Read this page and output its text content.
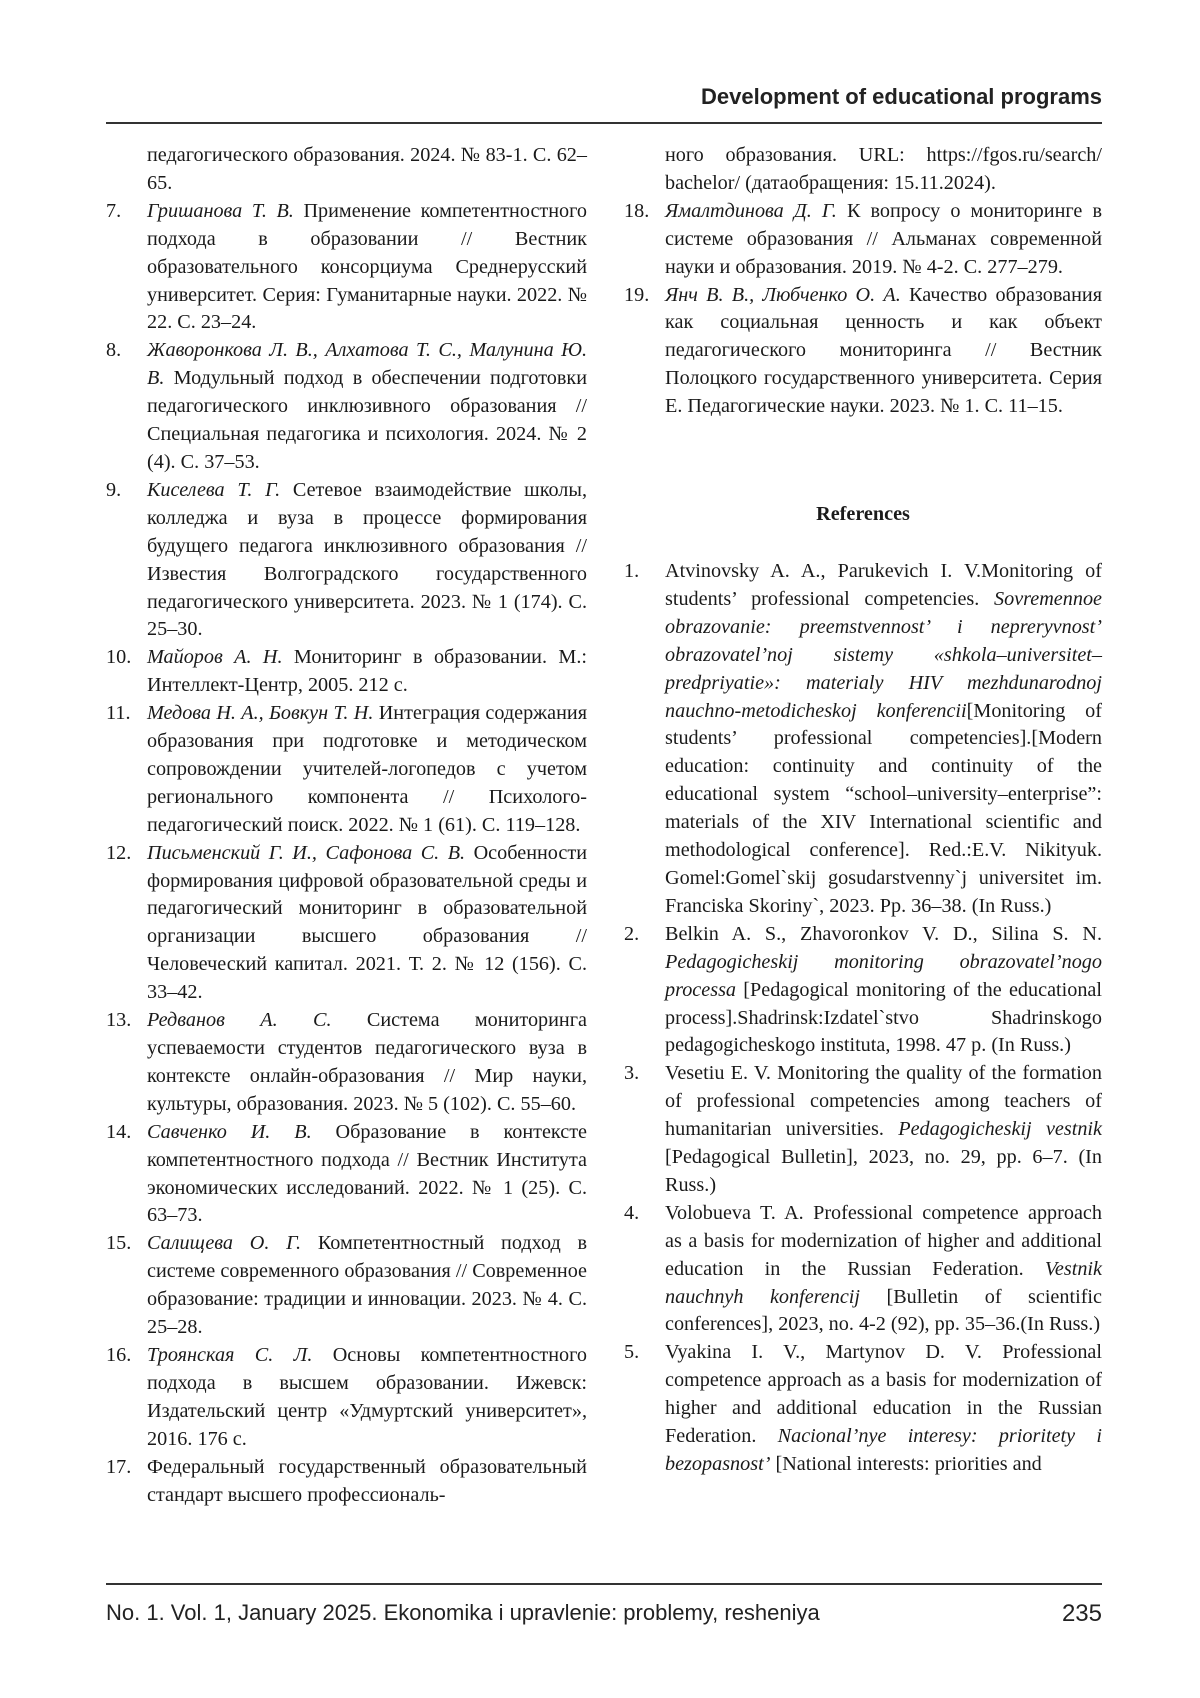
Development of educational programs
педагогического образования. 2024. № 83-1. С. 62–65.
7. Гришанова Т. В. Применение компетентностного подхода в образовании // Вестник образовательного консорциума Среднерусский университет. Серия: Гуманитарные науки. 2022. № 22. С. 23–24.
8. Жаворонкова Л. В., Алхатова Т. С., Малунина Ю. В. Модульный подход в обеспечении подготовки педагогического инклюзивного образования // Специальная педагогика и психология. 2024. № 2 (4). С. 37–53.
9. Киселева Т. Г. Сетевое взаимодействие школы, колледжа и вуза в процессе формирования будущего педагога инклюзивного образования // Известия Волгоградского государственного педагогического университета. 2023. № 1 (174). С. 25–30.
10. Майоров А. Н. Мониторинг в образовании. М.: Интеллект-Центр, 2005. 212 с.
11. Медова Н. А., Бовкун Т. Н. Интеграция содержания образования при подготовке и методическом сопровождении учителей-логопедов с учетом регионального компонента // Психолого-педагогический поиск. 2022. № 1 (61). С. 119–128.
12. Письменский Г. И., Сафонова С. В. Особенности формирования цифровой образовательной среды и педагогический мониторинг в образовательной организации высшего образования // Человеческий капитал. 2021. Т. 2. № 12 (156). С. 33–42.
13. Редванов А. С. Система мониторинга успеваемости студентов педагогического вуза в контексте онлайн-образования // Мир науки, культуры, образования. 2023. № 5 (102). С. 55–60.
14. Савченко И. В. Образование в контексте компетентностного подхода // Вестник Института экономических исследований. 2022. № 1 (25). С. 63–73.
15. Салищева О. Г. Компетентностный подход в системе современного образования // Современное образование: традиции и инновации. 2023. № 4. С. 25–28.
16. Троянская С. Л. Основы компетентностного подхода в высшем образовании. Ижевск: Издательский центр «Удмуртский университет», 2016. 176 с.
17. Федеральный государственный образовательный стандарт высшего профессиональ-
ного образования. URL: https://fgos.ru/search/ bachelor/ (датаобращения: 15.11.2024).
18. Ямалтдинова Д. Г. К вопросу о мониторинге в системе образования // Альманах современной науки и образования. 2019. № 4-2. С. 277–279.
19. Янч В. В., Любченко О. А. Качество образования как социальная ценность и как объект педагогического мониторинга // Вестник Полоцкого государственного университета. Серия Е. Педагогические науки. 2023. № 1. С. 11–15.
References
1. Atvinovsky A. A., Parukevich I. V.Monitoring of students’ professional competencies. Sovremennoe obrazovanie: preemstvennost’ i nepreryvnost’ obrazovatel’noj sistemy «shkola–universitet–predpriyatie»: materialy HIV mezhdunarodnoj nauchno-metodicheskoj konferencii[Monitoring of students’ professional competencies].[Modern education: continuity and continuity of the educational system “school–university–enterprise”: materials of the XIV International scientific and methodological conference]. Red.:E.V. Nikityuk. Gomel:Gomel`skij gosudarstvenny`j universitet im. Franciska Skoriny`, 2023. Pp. 36–38. (In Russ.)
2. Belkin A. S., Zhavoronkov V. D., Silina S. N. Pedagogicheskij monitoring obrazovatel’nogo processa [Pedagogical monitoring of the educational process].Shadrinsk:Izdatel`stvo Shadrinskogo pedagogicheskogo instituta, 1998. 47 p. (In Russ.)
3. Vesetiu E. V. Monitoring the quality of the formation of professional competencies among teachers of humanitarian universities. Pedagogicheskij vestnik [Pedagogical Bulletin], 2023, no. 29, pp. 6–7. (In Russ.)
4. Volobueva T. A. Professional competence approach as a basis for modernization of higher and additional education in the Russian Federation. Vestnik nauchnyh konferencij [Bulletin of scientific conferences], 2023, no. 4-2 (92), pp. 35–36.(In Russ.)
5. Vyakina I. V., Martynov D. V. Professional competence approach as a basis for modernization of higher and additional education in the Russian Federation. Nacional’nye interesy: prioritety i bezopasnost’ [National interests: priorities and
No. 1. Vol. 1, January 2025. Ekonomika i upravlenie: problemy, resheniya	235
